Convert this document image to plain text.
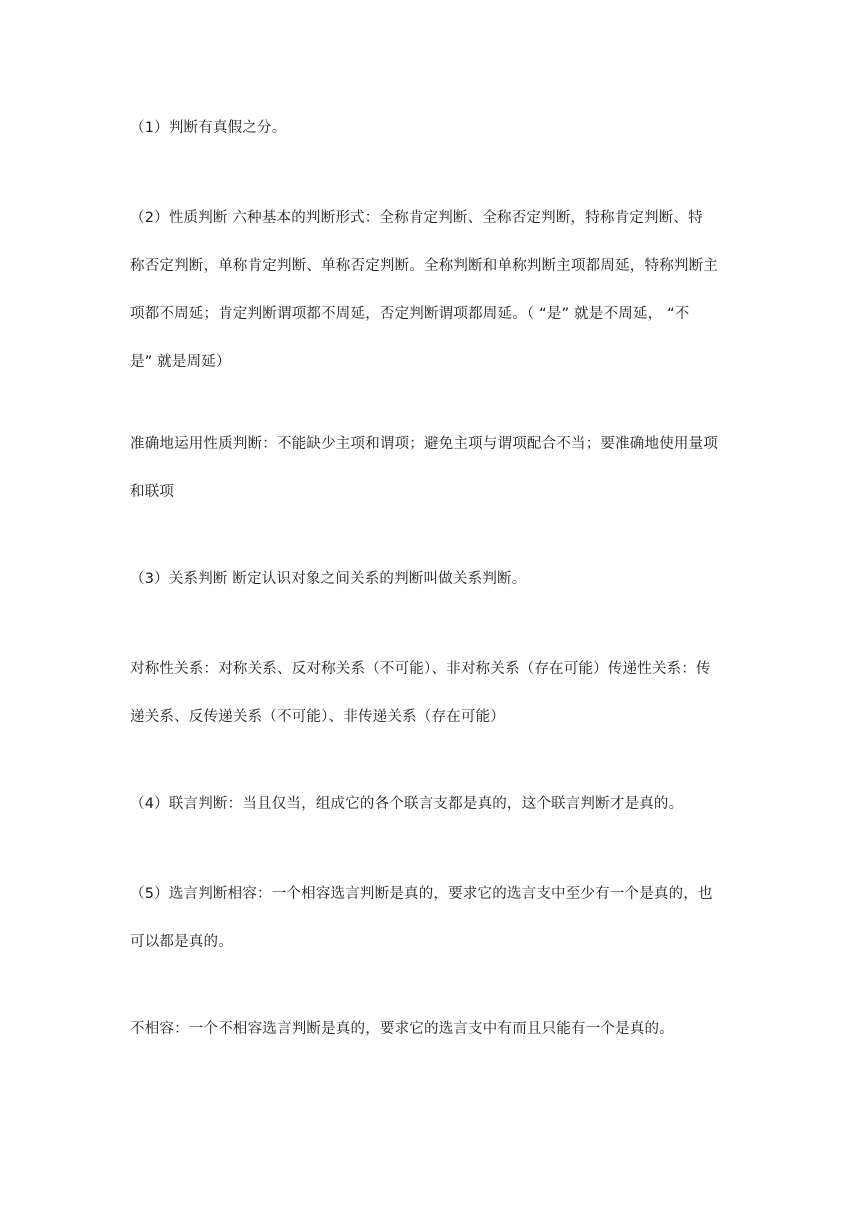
（1）判断有真假之分。

（2）性质判断 六种基本的判断形式：全称肯定判断、全称否定判断，特称肯定判断、特
称否定判断，单称肯定判断、单称否定判断。全称判断和单称判断主项都周延，特称判断主
项都不周延；肯定判断谓项都不周延，否定判断谓项都周延。（ “是” 就是不周延， “不
是” 就是周延）

准确地运用性质判断：不能缺少主项和谓项；避免主项与谓项配合不当；要准确地使用量项
和联项

（3）关系判断 断定认识对象之间关系的判断叫做关系判断。

对称性关系：对称关系、反对称关系（不可能）、非对称关系（存在可能）传递性关系：传
递关系、反传递关系（不可能）、非传递关系（存在可能）

（4）联言判断：当且仅当，组成它的各个联言支都是真的，这个联言判断才是真的。

（5）选言判断相容：一个相容选言判断是真的，要求它的选言支中至少有一个是真的，也
可以都是真的。

不相容：一个不相容选言判断是真的，要求它的选言支中有而且只能有一个是真的。
